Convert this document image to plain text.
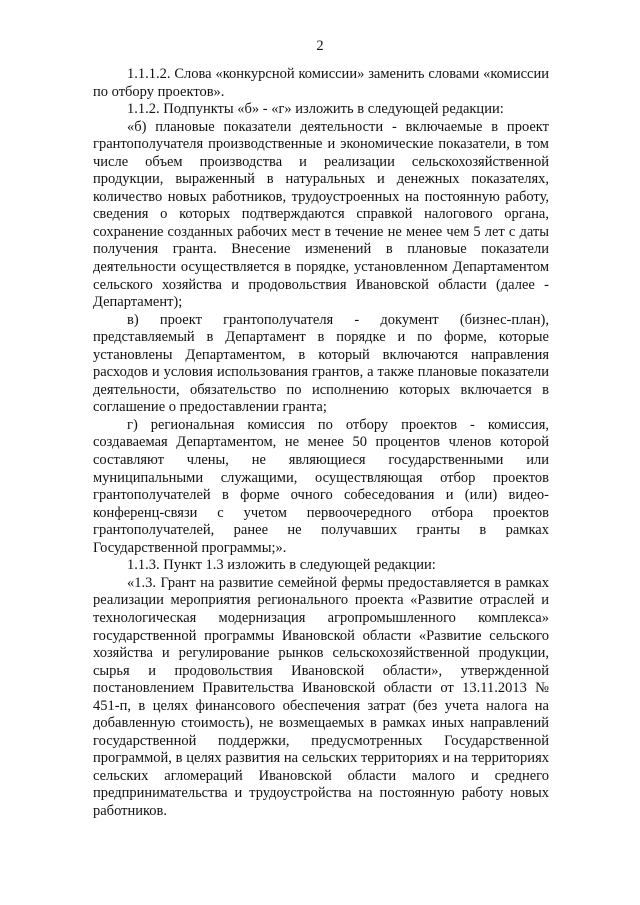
2

1.1.1.2. Слова «конкурсной комиссии» заменить словами «комиссии по отбору проектов».

1.1.2. Подпункты «б» - «г» изложить в следующей редакции:

«б) плановые показатели деятельности - включаемые в проект грантополучателя производственные и экономические показатели, в том числе объем производства и реализации сельскохозяйственной продукции, выраженный в натуральных и денежных показателях, количество новых работников, трудоустроенных на постоянную работу, сведения о которых подтверждаются справкой налогового органа, сохранение созданных рабочих мест в течение не менее чем 5 лет с даты получения гранта. Внесение изменений в плановые показатели деятельности осуществляется в порядке, установленном Департаментом сельского хозяйства и продовольствия Ивановской области (далее - Департамент);

в) проект грантополучателя - документ (бизнес-план), представляемый в Департамент в порядке и по форме, которые установлены Департаментом, в который включаются направления расходов и условия использования грантов, а также плановые показатели деятельности, обязательство по исполнению которых включается в соглашение о предоставлении гранта;

г) региональная комиссия по отбору проектов - комиссия, создаваемая Департаментом, не менее 50 процентов членов которой составляют члены, не являющиеся государственными или муниципальными служащими, осуществляющая отбор проектов грантополучателей в форме очного собеседования и (или) видео-конференц-связи с учетом первоочередного отбора проектов грантополучателей, ранее не получавших гранты в рамках Государственной программы;».

1.1.3. Пункт 1.3 изложить в следующей редакции:

«1.3. Грант на развитие семейной фермы предоставляется в рамках реализации мероприятия регионального проекта «Развитие отраслей и технологическая модернизация агропромышленного комплекса» государственной программы Ивановской области «Развитие сельского хозяйства и регулирование рынков сельскохозяйственной продукции, сырья и продовольствия Ивановской области», утвержденной постановлением Правительства Ивановской области от 13.11.2013 № 451-п, в целях финансового обеспечения затрат (без учета налога на добавленную стоимость), не возмещаемых в рамках иных направлений государственной поддержки, предусмотренных Государственной программой, в целях развития на сельских территориях и на территориях сельских агломераций Ивановской области малого и среднего предпринимательства и трудоустройства на постоянную работу новых работников.
